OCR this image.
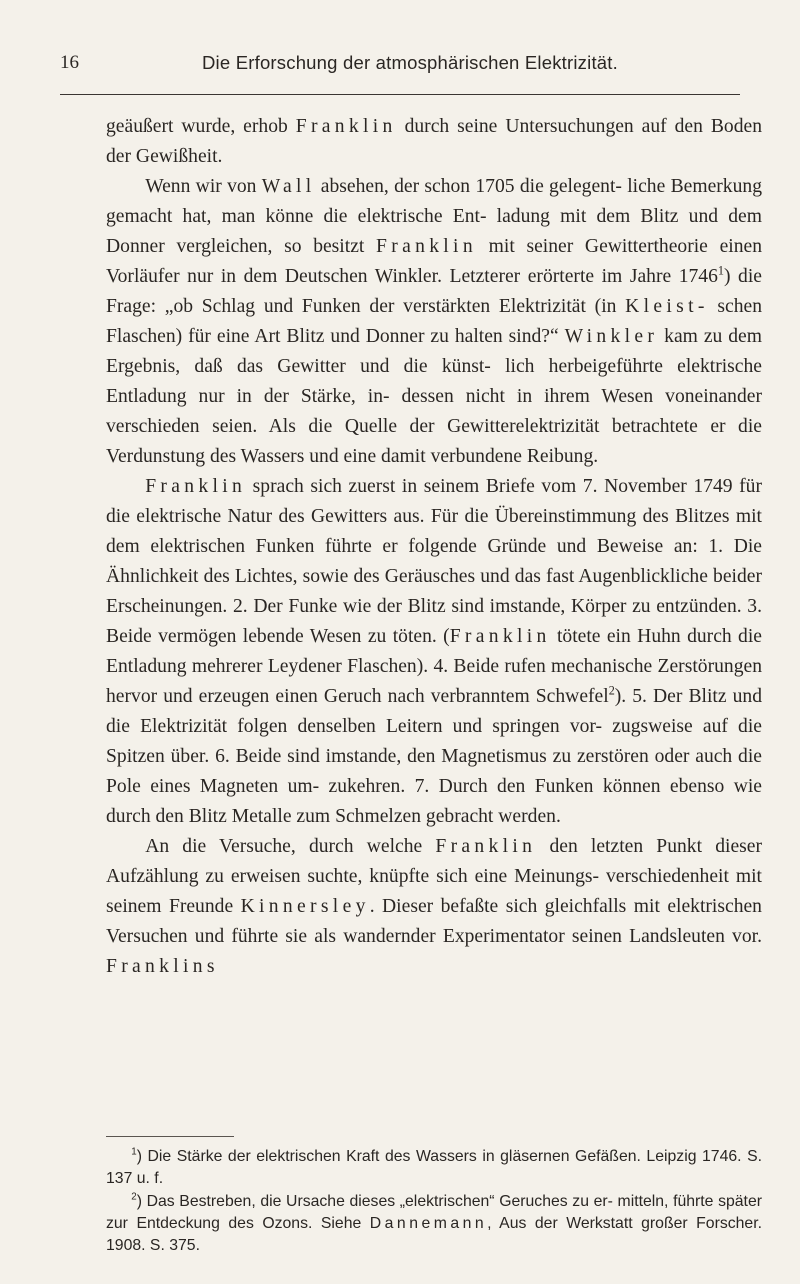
16	Die Erforschung der atmosphärischen Elektrizität.

geäußert wurde, erhob Franklin durch seine Untersuchungen auf den Boden der Gewißheit.

Wenn wir von Wall absehen, der schon 1705 die gelegent- liche Bemerkung gemacht hat, man könne die elektrische Ent- ladung mit dem Blitz und dem Donner vergleichen, so besitzt Franklin mit seiner Gewittertheorie einen Vorläufer nur in dem Deutschen Winkler. Letzterer erörterte im Jahre 1746$^1$) die Frage: „ob Schlag und Funken der verstärkten Elektrizität (in Kleist- schen Flaschen) für eine Art Blitz und Donner zu halten sind?“ Winkler kam zu dem Ergebnis, daß das Gewitter und die künst- lich herbeigeführte elektrische Entladung nur in der Stärke, in- dessen nicht in ihrem Wesen voneinander verschieden seien. Als die Quelle der Gewitterelektrizität betrachtete er die Verdunstung des Wassers und eine damit verbundene Reibung.

Franklin sprach sich zuerst in seinem Briefe vom 7. November 1749 für die elektrische Natur des Gewitters aus. Für die Übereinstimmung des Blitzes mit dem elektrischen Funken führte er folgende Gründe und Beweise an: 1. Die Ähnlichkeit des Lichtes, sowie des Geräusches und das fast Augenblickliche beider Erscheinungen. 2. Der Funke wie der Blitz sind imstande, Körper zu entzünden. 3. Beide vermögen lebende Wesen zu töten. (Franklin tötete ein Huhn durch die Entladung mehrerer Leydener Flaschen). 4. Beide rufen mechanische Zerstörungen hervor und erzeugen einen Geruch nach verbranntem Schwefel$^2$). 5. Der Blitz und die Elektrizität folgen denselben Leitern und springen vor- zugsweise auf die Spitzen über. 6. Beide sind imstande, den Magnetismus zu zerstören oder auch die Pole eines Magneten um- zukehren. 7. Durch den Funken können ebenso wie durch den Blitz Metalle zum Schmelzen gebracht werden.

An die Versuche, durch welche Franklin den letzten Punkt dieser Aufzählung zu erweisen suchte, knüpfte sich eine Meinungs- verschiedenheit mit seinem Freunde Kinnersley. Dieser befaßte sich gleichfalls mit elektrischen Versuchen und führte sie als wandernder Experimentator seinen Landsleuten vor. Franklins

$^1$) Die Stärke der elektrischen Kraft des Wassers in gläsernen Gefäßen. Leipzig 1746. S. 137 u. f.

$^2$) Das Bestreben, die Ursache dieses „elektrischen“ Geruches zu er- mitteln, führte später zur Entdeckung des Ozons. Siehe Dannemann, Aus der Werkstatt großer Forscher. 1908. S. 375.
